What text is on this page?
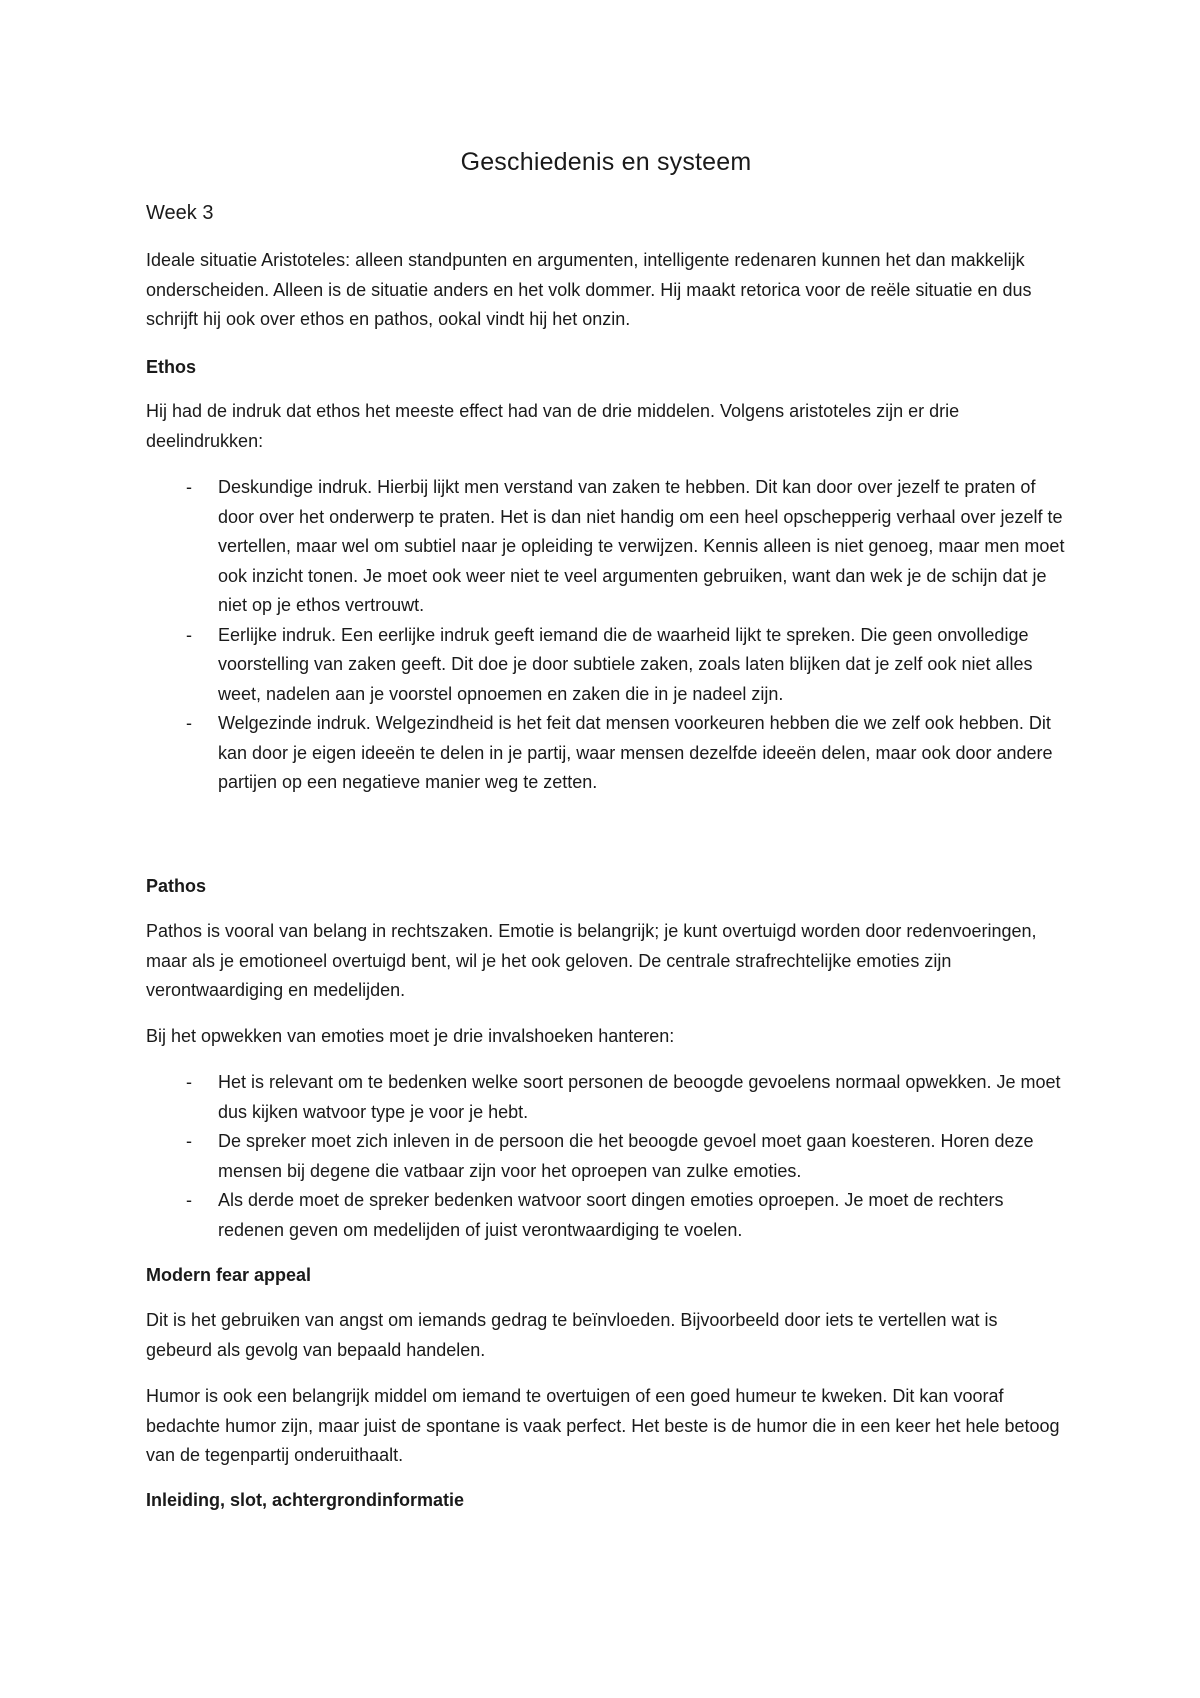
Geschiedenis en systeem
Week 3

Ideale situatie Aristoteles: alleen standpunten en argumenten, intelligente redenaren kunnen het dan makkelijk onderscheiden. Alleen is de situatie anders en het volk dommer. Hij maakt retorica voor de reële situatie en dus schrijft hij ook over ethos en pathos, ookal vindt hij het onzin.

Ethos

Hij had de indruk dat ethos het meeste effect had van de drie middelen. Volgens aristoteles zijn er drie deelindrukken:

- Deskundige indruk. Hierbij lijkt men verstand van zaken te hebben. Dit kan door over jezelf te praten of door over het onderwerp te praten. Het is dan niet handig om een heel opschepperig verhaal over jezelf te vertellen, maar wel om subtiel naar je opleiding te verwijzen. Kennis alleen is niet genoeg, maar men moet ook inzicht tonen. Je moet ook weer niet te veel argumenten gebruiken, want dan wek je de schijn dat je niet op je ethos vertrouwt.
- Eerlijke indruk. Een eerlijke indruk geeft iemand die de waarheid lijkt te spreken. Die geen onvolledige voorstelling van zaken geeft. Dit doe je door subtiele zaken, zoals laten blijken dat je zelf ook niet alles weet, nadelen aan je voorstel opnoemen en zaken die in je nadeel zijn.
- Welgezinde indruk. Welgezindheid is het feit dat mensen voorkeuren hebben die we zelf ook hebben. Dit kan door je eigen ideeën te delen in je partij, waar mensen dezelfde ideeën delen, maar ook door andere partijen op een negatieve manier weg te zetten.

Pathos

Pathos is vooral van belang in rechtszaken. Emotie is belangrijk; je kunt overtuigd worden door redenvoeringen, maar als je emotioneel overtuigd bent, wil je het ook geloven. De centrale strafrechtelijke emoties zijn verontwaardiging en medelijden.

Bij het opwekken van emoties moet je drie invalshoeken hanteren:

- Het is relevant om te bedenken welke soort personen de beoogde gevoelens normaal opwekken. Je moet dus kijken watvoor type je voor je hebt.
- De spreker moet zich inleven in de persoon die het beoogde gevoel moet gaan koesteren. Horen deze mensen bij degene die vatbaar zijn voor het oproepen van zulke emoties.
- Als derde moet de spreker bedenken watvoor soort dingen emoties oproepen. Je moet de rechters redenen geven om medelijden of juist verontwaardiging te voelen.

Modern fear appeal

Dit is het gebruiken van angst om iemands gedrag te beïnvloeden. Bijvoorbeeld door iets te vertellen wat is gebeurd als gevolg van bepaald handelen.

Humor is ook een belangrijk middel om iemand te overtuigen of een goed humeur te kweken. Dit kan vooraf bedachte humor zijn, maar juist de spontane is vaak perfect. Het beste is de humor die in een keer het hele betoog van de tegenpartij onderuithaalt.

Inleiding, slot, achtergrondinformatie
